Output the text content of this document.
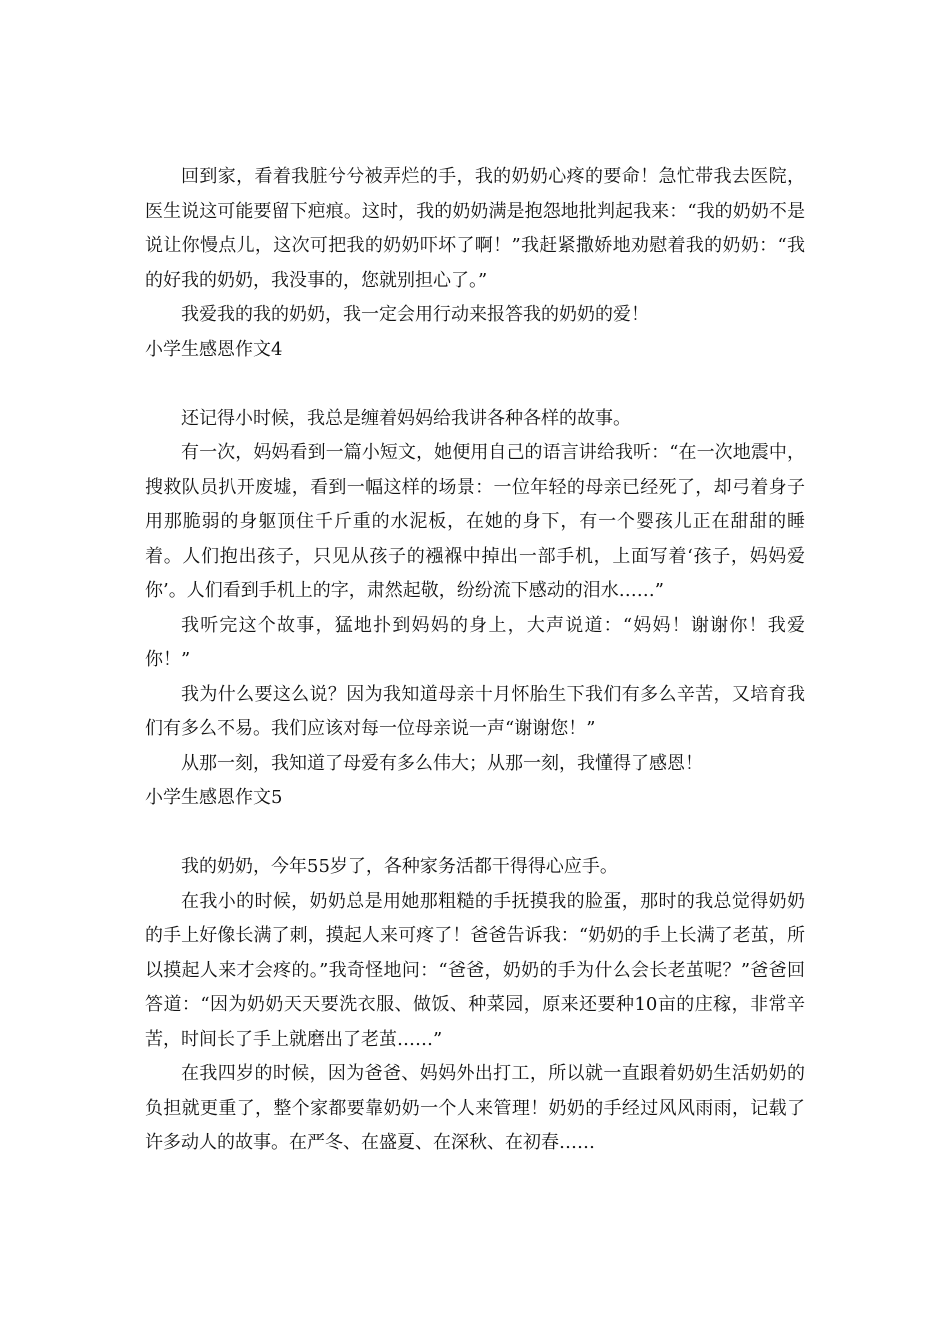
回到家，看着我脏兮兮被弄烂的手，我的奶奶心疼的要命！急忙带我去医院，医生说这可能要留下疤痕。这时，我的奶奶满是抱怨地批判起我来：“我的奶奶不是说让你慢点儿，这次可把我的奶奶吓坏了啊！”我赶紧撒娇地劝慰着我的奶奶：“我的好我的奶奶，我没事的，您就别担心了。”

我爱我的我的奶奶，我一定会用行动来报答我的奶奶的爱！

小学生感恩作文4

还记得小时候，我总是缠着妈妈给我讲各种各样的故事。

有一次，妈妈看到一篇小短文，她便用自己的语言讲给我听：“在一次地震中，搜救队员扒开废墟，看到一幅这样的场景：一位年轻的母亲已经死了，却弓着身子用那脆弱的身躯顶住千斤重的水泥板，在她的身下，有一个婴孩儿正在甜甜的睡着。人们抱出孩子，只见从孩子的襁褓中掉出一部手机，上面写着‘孩子，妈妈爱你’。人们看到手机上的字，肃然起敬，纷纷流下感动的泪水……”

我听完这个故事，猛地扑到妈妈的身上，大声说道：“妈妈！谢谢你！我爱你！”

我为什么要这么说？因为我知道母亲十月怀胎生下我们有多么辛苦，又培育我们有多么不易。我们应该对每一位母亲说一声“谢谢您！”

从那一刻，我知道了母爱有多么伟大；从那一刻，我懂得了感恩！

小学生感恩作文5

我的奶奶，今年55岁了，各种家务活都干得得心应手。

在我小的时候，奶奶总是用她那粗糙的手抚摸我的脸蛋，那时的我总觉得奶奶的手上好像长满了刺，摸起人来可疼了！爸爸告诉我：“奶奶的手上长满了老茧，所以摸起人来才会疼的。”我奇怪地问：“爸爸，奶奶的手为什么会长老茧呢？”爸爸回答道：“因为奶奶天天要洗衣服、做饭、种菜园，原来还要种10亩的庄稼，非常辛苦，时间长了手上就磨出了老茧……”

在我四岁的时候，因为爸爸、妈妈外出打工，所以就一直跟着奶奶生活奶奶的负担就更重了，整个家都要靠奶奶一个人来管理！奶奶的手经过风风雨雨，记载了许多动人的故事。在严冬、在盛夏、在深秋、在初春……
